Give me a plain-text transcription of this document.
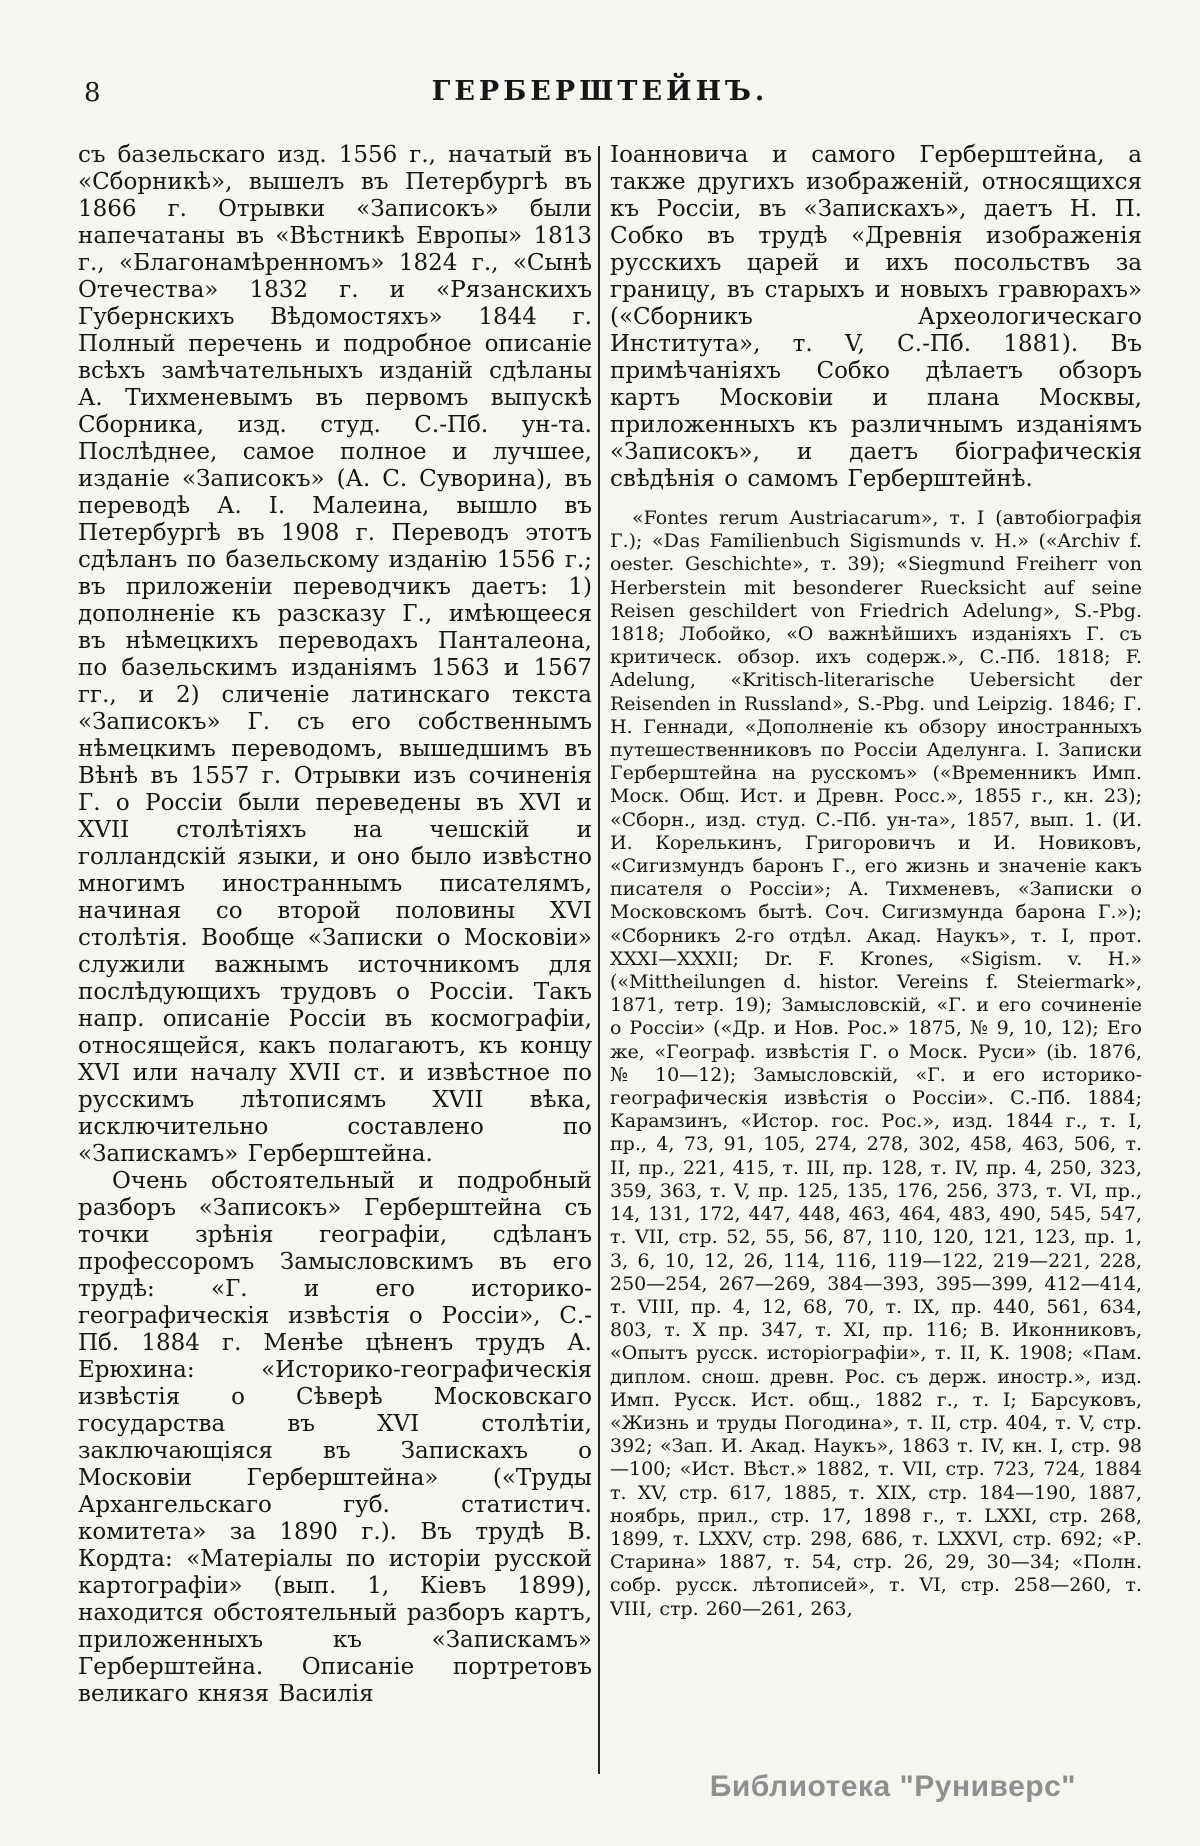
8	ГЕРБЕРШТЕЙНЪ.

съ базельскаго изд. 1556 г., начатый въ «Сборникѣ», вышелъ въ Петербургѣ въ 1866 г. Отрывки «Записокъ» были напечатаны въ «Вѣстникѣ Европы» 1813 г., «Благонамѣренномъ» 1824 г., «Сынѣ Отечества» 1832 г. и «Рязанскихъ Губернскихъ Вѣдомостяхъ» 1844 г. Полный перечень и подробное описаніе всѣхъ замѣчательныхъ изданій сдѣланы А. Тихменевымъ въ первомъ выпускѣ Сборника, изд. студ. С.-Пб. ун-та. Послѣднее, самое полное и лучшее, изданіе «Записокъ» (А. С. Суворина), въ переводѣ А. І. Малеина, вышло въ Петербургѣ въ 1908 г. Переводъ этотъ сдѣланъ по базельскому изданію 1556 г.; въ приложеніи переводчикъ даетъ: 1) дополненіе къ разсказу Г., имѣющееся въ нѣмецкихъ переводахъ Панталеона, по базельскимъ изданіямъ 1563 и 1567 гг., и 2) сличеніе латинскаго текста «Записокъ» Г. съ его собственнымъ нѣмецкимъ переводомъ, вышедшимъ въ Вѣнѣ въ 1557 г. Отрывки изъ сочиненія Г. о Россіи были переведены въ XVI и XVII столѣтіяхъ на чешскій и голландскій языки, и оно было извѣстно многимъ иностраннымъ писателямъ, начиная со второй половины XVI столѣтія. Вообще «Записки о Московіи» служили важнымъ источникомъ для послѣдующихъ трудовъ о Россіи. Такъ напр. описаніе Россіи въ космографіи, относящейся, какъ полагаютъ, къ концу XVI или началу XVII ст. и извѣстное по русскимъ лѣтописямъ XVII вѣка, исключительно составлено по «Запискамъ» Герберштейна.

Очень обстоятельный и подробный разборъ «Записокъ» Герберштейна съ точки зрѣнія географіи, сдѣланъ профессоромъ Замысловскимъ въ его трудѣ: «Г. и его историко-географическія извѣстія о Россіи», С.-Пб. 1884 г. Менѣе цѣненъ трудъ А. Ерюхина: «Историко-географическія извѣстія о Сѣверѣ Московскаго государства въ XVI столѣтіи, заключающіяся въ Запискахъ о Московіи Герберштейна» («Труды Архангельскаго губ. статистич. комитета» за 1890 г.). Въ трудѣ В. Кордта: «Матеріалы по исторіи русской картографіи» (вып. 1, Кіевъ 1899), находится обстоятельный разборъ картъ, приложенныхъ къ «Запискамъ» Герберштейна. Описаніе портретовъ великаго князя Василія

Іоанновича и самого Герберштейна, а также другихъ изображеній, относящихся къ Россіи, въ «Запискахъ», даетъ Н. П. Собко въ трудѣ «Древнія изображенія русскихъ царей и ихъ посольствъ за границу, въ старыхъ и новыхъ гравюрахъ» («Сборникъ Археологическаго Института», т. V, С.-Пб. 1881). Въ примѣчаніяхъ Собко дѣлаетъ обзоръ картъ Московіи и плана Москвы, приложенныхъ къ различнымъ изданіямъ «Записокъ», и даетъ біографическія свѣдѣнія о самомъ Герберштейнѣ.

«Fontes rerum Austriacarum», т. I (автобіографія Г.); «Das Familienbuch Sigismunds v. H.» («Archiv f. oester. Geschichte», т. 39); «Siegmund Freiherr von Herberstein mit besonderer Ruecksicht auf seine Reisen geschildert von Friedrich Adelung», S.-Pbg. 1818; Лобойко, «О важнѣйшихъ изданіяхъ Г. съ критическ. обзор. ихъ содерж.», С.-Пб. 1818; F. Adelung, «Kritisch-literarische Uebersicht der Reisenden in Russland», S.-Pbg. und Leipzig. 1846; Г. Н. Геннади, «Дополненіе къ обзору иностранныхъ путешественниковъ по Россіи Аделунга. І. Записки Герберштейна на русскомъ» («Временникъ Имп. Моск. Общ. Ист. и Древн. Росс.», 1855 г., кн. 23); «Сборн., изд. студ. С.-Пб. ун-та», 1857, вып. 1. (И. И. Корелькинъ, Григоровичъ и И. Новиковъ, «Сигизмундъ баронъ Г., его жизнь и значеніе какъ писателя о Россіи»; А. Тихменевъ, «Записки о Московскомъ бытѣ. Соч. Сигизмунда барона Г.»); «Сборникъ 2-го отдѣл. Акад. Наукъ», т. I, прот. XXXI—XXXII; Dr. F. Krones, «Sigism. v. H.» («Mittheilungen d. histor. Vereins f. Steiermark», 1871, тетр. 19); Замысловскій, «Г. и его сочиненіе о Россіи» («Др. и Нов. Рос.» 1875, № 9, 10, 12); Его же, «Географ. извѣстія Г. о Моск. Руси» (ib. 1876, № 10—12); Замысловскій, «Г. и его историко-географическія извѣстія о Россіи». С.-Пб. 1884; Карамзинъ, «Истор. гос. Рос.», изд. 1844 г., т. I, пр., 4, 73, 91, 105, 274, 278, 302, 458, 463, 506, т. II, пр., 221, 415, т. III, пр. 128, т. IV, пр. 4, 250, 323, 359, 363, т. V, пр. 125, 135, 176, 256, 373, т. VI, пр., 14, 131, 172, 447, 448, 463, 464, 483, 490, 545, 547, т. VII, стр. 52, 55, 56, 87, 110, 120, 121, 123, пр. 1, 3, 6, 10, 12, 26, 114, 116, 119—122, 219—221, 228, 250—254, 267—269, 384—393, 395—399, 412—414, т. VIII, пр. 4, 12, 68, 70, т. IX, пр. 440, 561, 634, 803, т. X пр. 347, т. XI, пр. 116; В. Иконниковъ, «Опытъ русск. исторіографіи», т. II, К. 1908; «Пам. диплом. снош. древн. Рос. съ держ. иностр.», изд. Имп. Русск. Ист. общ., 1882 г., т. I; Барсуковъ, «Жизнь и труды Погодина», т. II, стр. 404, т. V, стр. 392; «Зап. И. Акад. Наукъ», 1863 т. IV, кн. I, стр. 98—100; «Ист. Вѣст.» 1882, т. VII, стр. 723, 724, 1884 т. XV, стр. 617, 1885, т. XIX, стр. 184—190, 1887, ноябрь, прил., стр. 17, 1898 г., т. LXXI, стр. 268, 1899, т. LXXV, стр. 298, 686, т. LXXVI, стр. 692; «Р. Старина» 1887, т. 54, стр. 26, 29, 30—34; «Полн. собр. русск. лѣтописей», т. VI, стр. 258—260, т. VIII, стр. 260—261, 263,

Библиотека "Руниверс"
